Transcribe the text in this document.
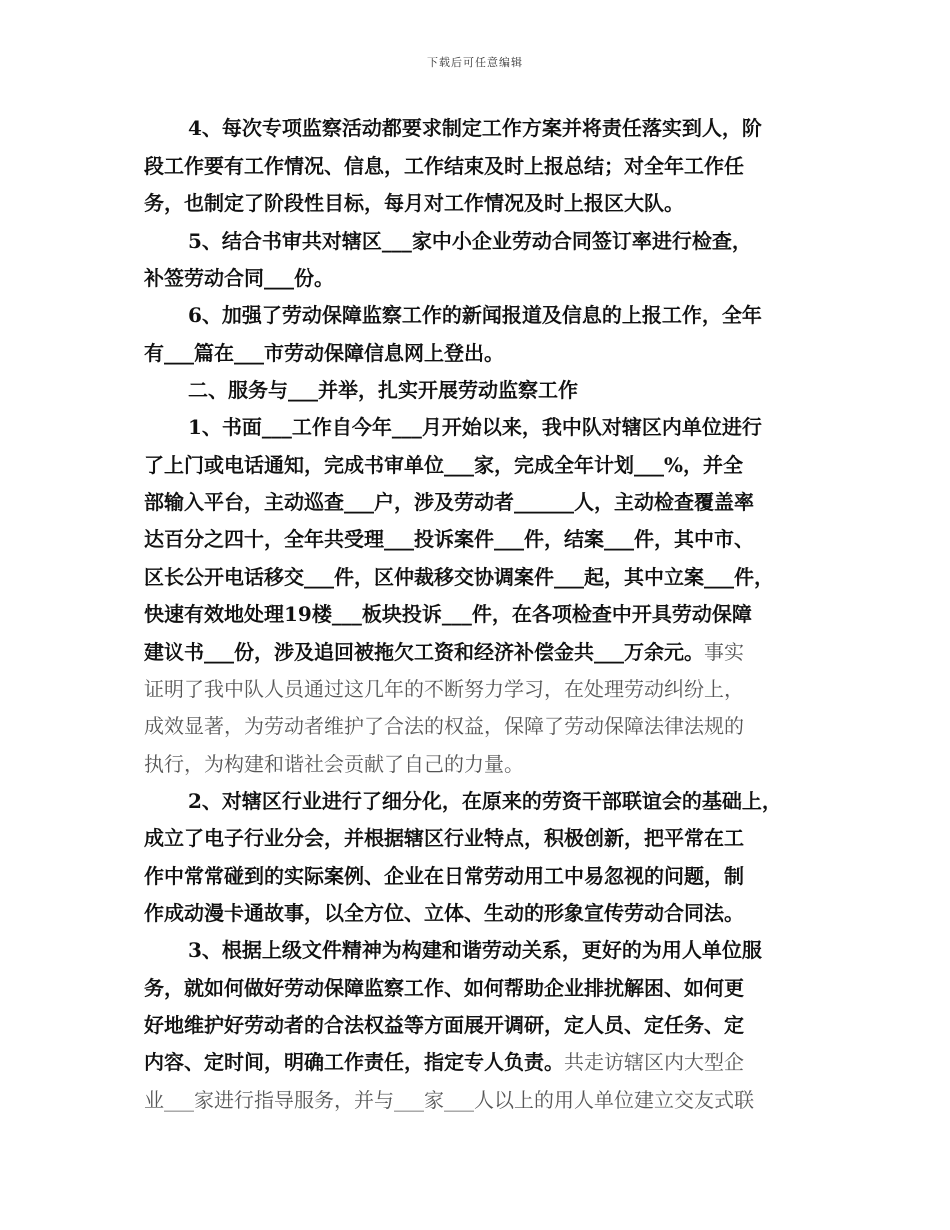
下载后可任意编辑
4、每次专项监察活动都要求制定工作方案并将责任落实到人，阶
段工作要有工作情况、信息，工作结束及时上报总结；对全年工作任
务，也制定了阶段性目标，每月对工作情况及时上报区大队。
5、结合书审共对辖区___家中小企业劳动合同签订率进行检查，
补签劳动合同___份。
6、加强了劳动保障监察工作的新闻报道及信息的上报工作，全年
有___篇在___市劳动保障信息网上登出。
二、服务与___并举，扎实开展劳动监察工作
1、书面___工作自今年___月开始以来，我中队对辖区内单位进行
了上门或电话通知，完成书审单位___家，完成全年计划___%，并全
部输入平台，主动巡查___户，涉及劳动者______人，主动检查覆盖率
达百分之四十，全年共受理___投诉案件___件，结案___件，其中市、
区长公开电话移交___件，区仲裁移交协调案件___起，其中立案___件，
快速有效地处理19楼___板块投诉___件，在各项检查中开具劳动保障
建议书___份，涉及追回被拖欠工资和经济补偿金共___万余元。事实
证明了我中队人员通过这几年的不断努力学习，在处理劳动纠纷上，
成效显著，为劳动者维护了合法的权益，保障了劳动保障法律法规的
执行，为构建和谐社会贡献了自己的力量。
2、对辖区行业进行了细分化，在原来的劳资干部联谊会的基础上，
成立了电子行业分会，并根据辖区行业特点，积极创新，把平常在工
作中常常碰到的实际案例、企业在日常劳动用工中易忽视的问题，制
作成动漫卡通故事，以全方位、立体、生动的形象宣传劳动合同法。
3、根据上级文件精神为构建和谐劳动关系，更好的为用人单位服
务，就如何做好劳动保障监察工作、如何帮助企业排扰解困、如何更
好地维护好劳动者的合法权益等方面展开调研，定人员、定任务、定
内容、定时间，明确工作责任，指定专人负责。共走访辖区内大型企
业___家进行指导服务，并与___家___人以上的用人单位建立交友式联
